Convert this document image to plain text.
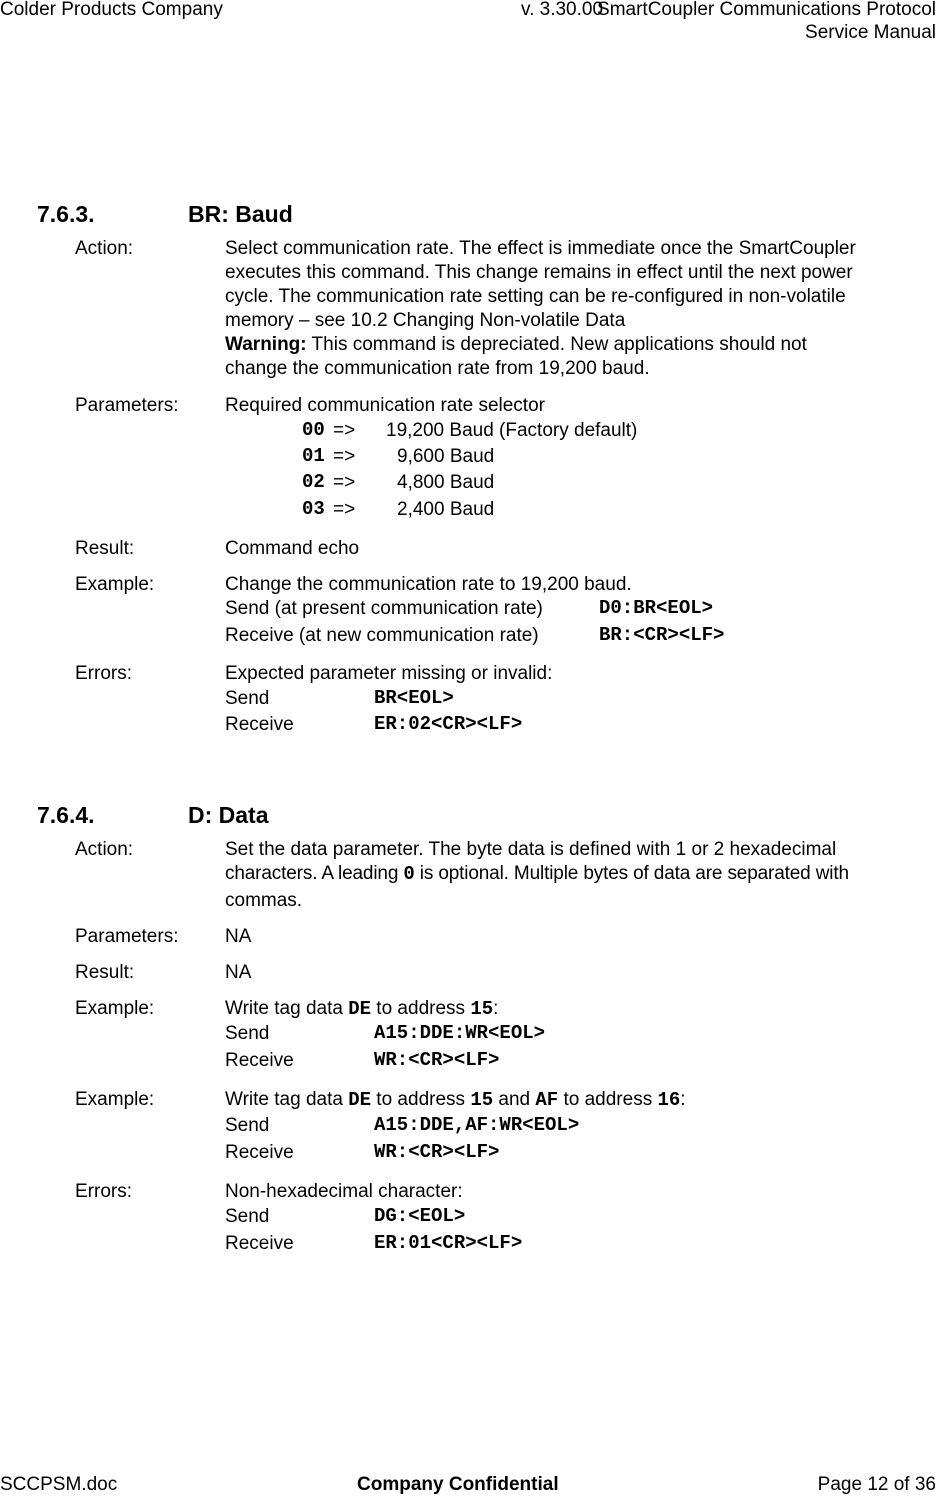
Colder Products Company	v. 3.30.00
SmartCoupler Communications Protocol
Service Manual
7.6.3.	BR: Baud
Action:	Select communication rate. The effect is immediate once the SmartCoupler
executes this command. This change remains in effect until the next power
cycle. The communication rate setting can be re-configured in non-volatile
memory – see 10.2 Changing Non-volatile Data
Warning: This command is depreciated. New applications should not
change the communication rate from 19,200 baud.
Parameters: Required communication rate selector
00 => 19,200 Baud (Factory default)
01 => 9,600 Baud
02 => 4,800 Baud
03 => 2,400 Baud
Result:	Command echo
Example:	Change the communication rate to 19,200 baud.
Send (at present communication rate)	D0:BR<EOL>
Receive (at new communication rate)	BR:<CR><LF>
Errors:	Expected parameter missing or invalid:
Send	BR<EOL>
Receive	ER:02<CR><LF>
7.6.4.	D: Data
Action:	Set the data parameter. The byte data is defined with 1 or 2 hexadecimal
characters. A leading 0 is optional. Multiple bytes of data are separated with
commas.
Parameters: NA
Result:	NA
Example:	Write tag data DE to address 15:
Send	A15:DDE:WR<EOL>
Receive	WR:<CR><LF>
Example:	Write tag data DE to address 15 and AF to address 16:
Send	A15:DDE,AF:WR<EOL>
Receive	WR:<CR><LF>
Errors:	Non-hexadecimal character:
Send	DG:<EOL>
Receive	ER:01<CR><LF>
SCCPSM.doc	Company Confidential	Page 12 of 36
